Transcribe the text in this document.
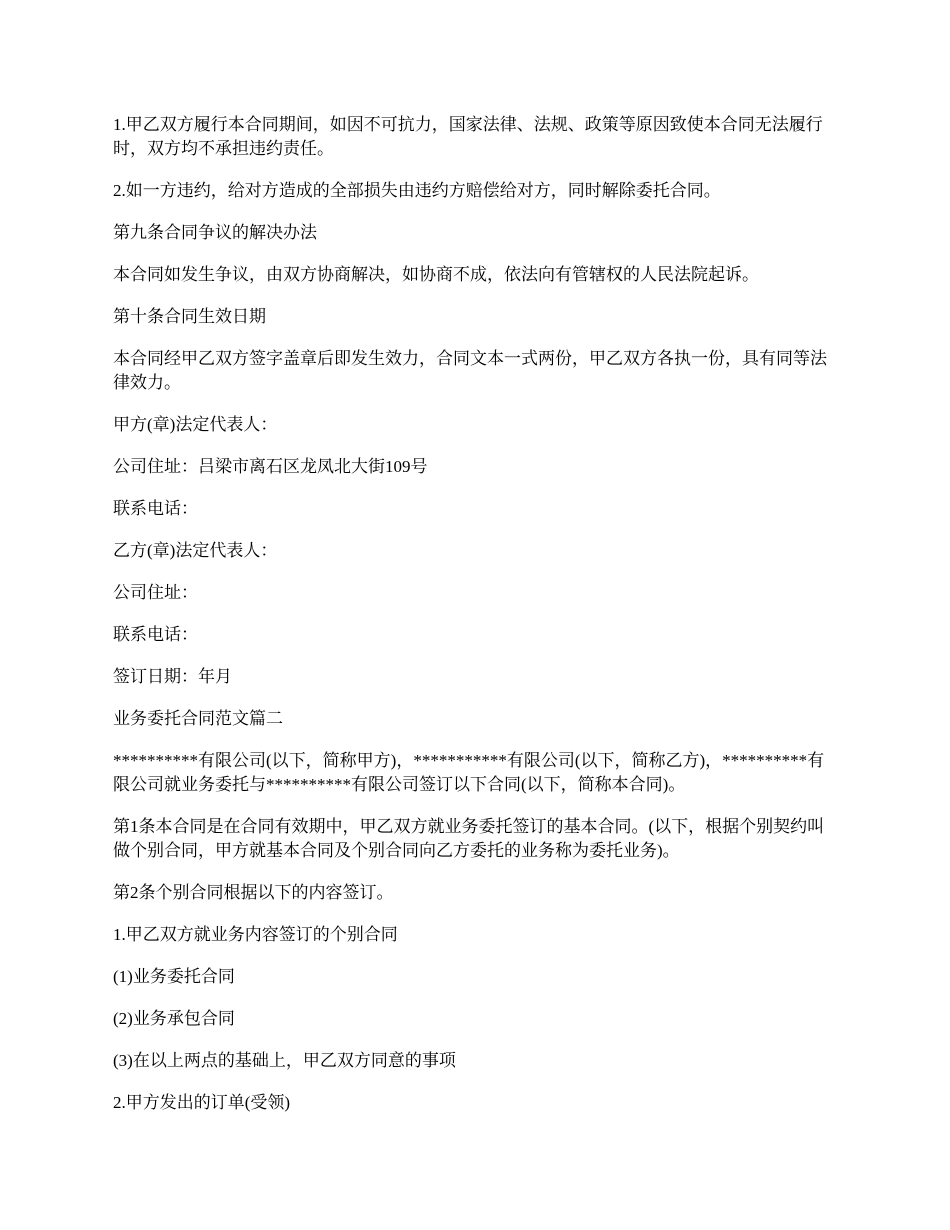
1.甲乙双方履行本合同期间，如因不可抗力，国家法律、法规、政策等原因致使本合同无法履行时，双方均不承担违约责任。

2.如一方违约，给对方造成的全部损失由违约方赔偿给对方，同时解除委托合同。

第九条合同争议的解决办法

本合同如发生争议，由双方协商解决，如协商不成，依法向有管辖权的人民法院起诉。

第十条合同生效日期

本合同经甲乙双方签字盖章后即发生效力，合同文本一式两份，甲乙双方各执一份，具有同等法律效力。

甲方(章)法定代表人：

公司住址：吕梁市离石区龙凤北大街109号

联系电话：

乙方(章)法定代表人：

公司住址：

联系电话：

签订日期：年月

业务委托合同范文篇二

**********有限公司(以下，简称甲方)，***********有限公司(以下，简称乙方)，**********有限公司就业务委托与**********有限公司签订以下合同(以下，简称本合同)。

第1条本合同是在合同有效期中，甲乙双方就业务委托签订的基本合同。(以下，根据个别契约叫做个别合同，甲方就基本合同及个别合同向乙方委托的业务称为委托业务)。

第2条个别合同根据以下的内容签订。

1.甲乙双方就业务内容签订的个别合同

(1)业务委托合同

(2)业务承包合同

(3)在以上两点的基础上，甲乙双方同意的事项

2.甲方发出的订单(受领)
